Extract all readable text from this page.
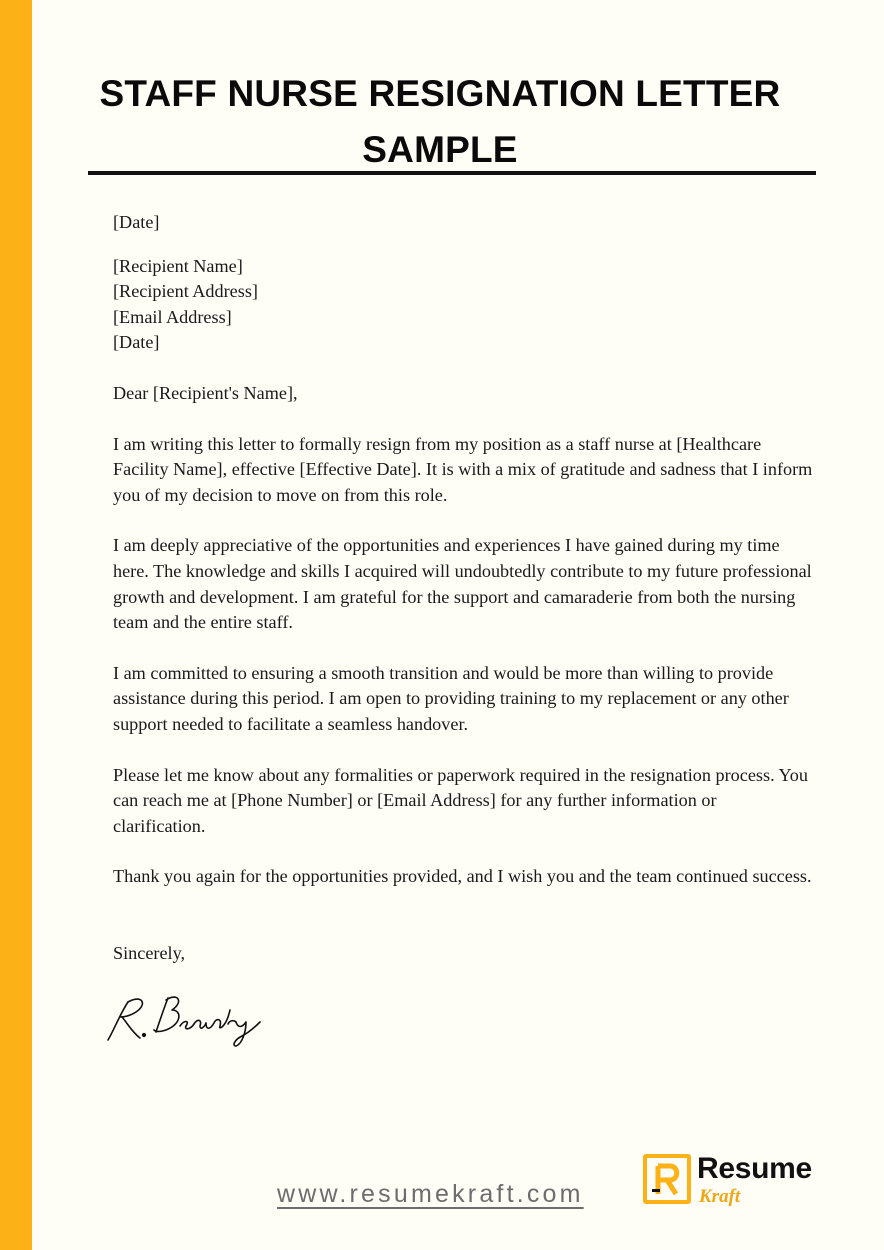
STAFF NURSE RESIGNATION LETTER SAMPLE

[Date]

[Recipient Name]
[Recipient Address]
[Email Address]
[Date]

Dear [Recipient's Name],

I am writing this letter to formally resign from my position as a staff nurse at [Healthcare Facility Name], effective [Effective Date]. It is with a mix of gratitude and sadness that I inform you of my decision to move on from this role.

I am deeply appreciative of the opportunities and experiences I have gained during my time here. The knowledge and skills I acquired will undoubtedly contribute to my future professional growth and development. I am grateful for the support and camaraderie from both the nursing team and the entire staff.

I am committed to ensuring a smooth transition and would be more than willing to provide assistance during this period. I am open to providing training to my replacement or any other support needed to facilitate a seamless handover.

Please let me know about any formalities or paperwork required in the resignation process. You can reach me at [Phone Number] or [Email Address] for any further information or clarification.

Thank you again for the opportunities provided, and I wish you and the team continued success.

Sincerely,

www.resumekraft.com
Resume
Kraft
